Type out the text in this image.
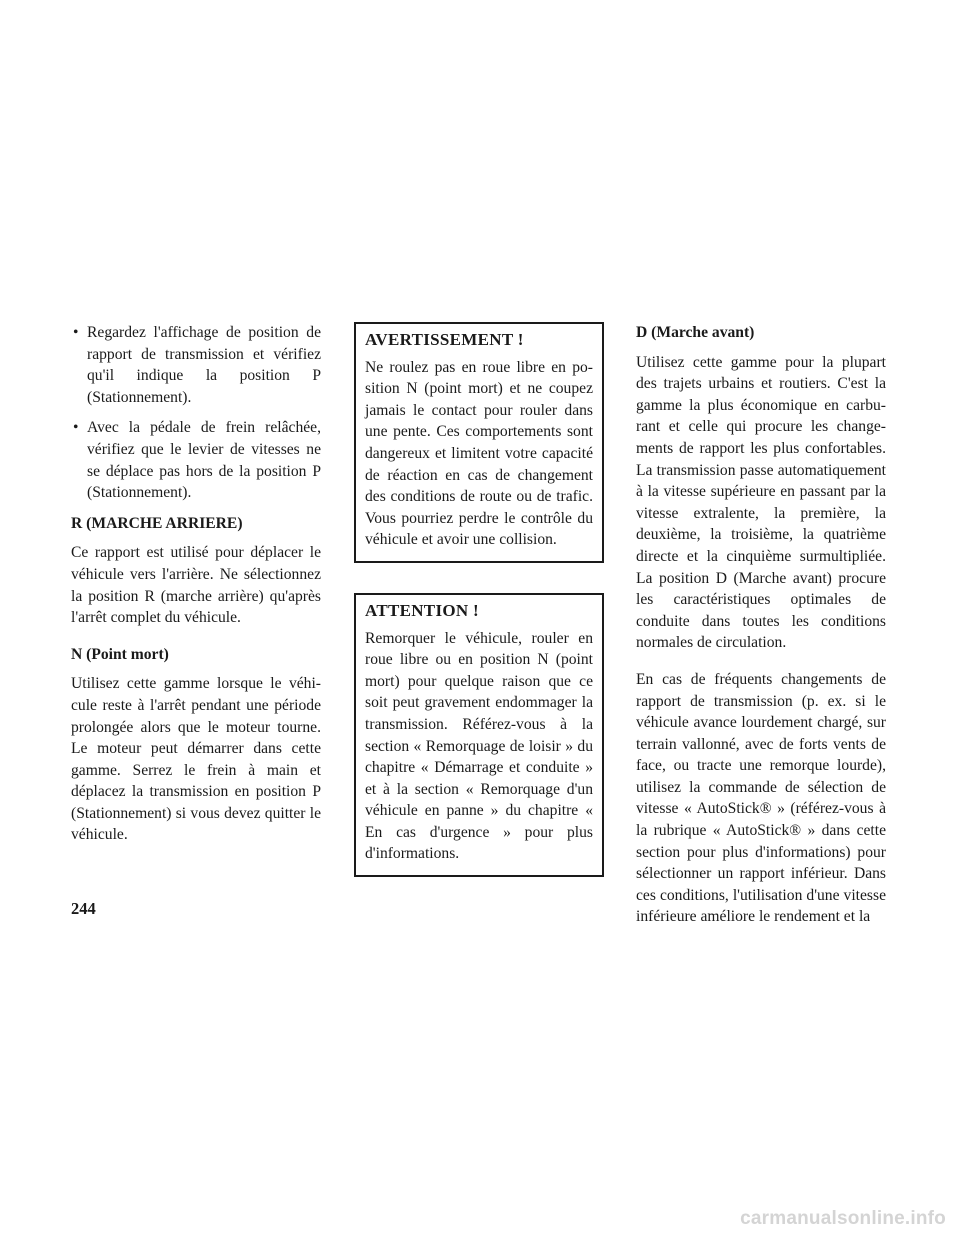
• Regardez l'affichage de position de rapport de transmission et vérifiez qu'il indique la position P (Stationnement).
• Avec la pédale de frein relâchée, vérifiez que le levier de vitesses ne se déplace pas hors de la position P (Stationnement).
R (MARCHE ARRIERE)

Ce rapport est utilisé pour déplacer le véhicule vers l'arrière. Ne sélectionnez la position R (marche arrière) qu'après l'arrêt complet du véhicule.

N (Point mort)

Utilisez cette gamme lorsque le véhicule reste à l'arrêt pendant une période prolongée alors que le moteur tourne. Le moteur peut démarrer dans cette gamme. Serrez le frein à main et déplacez la transmission en position P (Stationnement) si vous devez quitter le véhicule.

AVERTISSEMENT !

Ne roulez pas en roue libre en position N (point mort) et ne coupez jamais le contact pour rouler dans une pente. Ces comportements sont dangereux et limitent votre capacité de réaction en cas de changement des conditions de route ou de trafic. Vous pourriez perdre le contrôle du véhicule et avoir une collision.

ATTENTION !

Remorquer le véhicule, rouler en roue libre ou en position N (point mort) pour quelque raison que ce soit peut gravement endommager la transmission. Référez-vous à la section « Remorquage de loisir » du chapitre « Démarrage et conduite » et à la section « Remorquage d'un véhicule en panne » du chapitre « En cas d'urgence » pour plus d'informations.

D (Marche avant)

Utilisez cette gamme pour la plupart des trajets urbains et routiers. C'est la gamme la plus économique en carburant et celle qui procure les changements de rapport les plus confortables. La transmission passe automatiquement à la vitesse supérieure en passant par la vitesse extralente, la première, la deuxième, la troisième, la quatrième directe et la cinquième surmultipliée. La position D (Marche avant) procure les caractéristiques optimales de conduite dans toutes les conditions normales de circulation.

En cas de fréquents changements de rapport de transmission (p. ex. si le véhicule avance lourdement chargé, sur terrain vallonné, avec de forts vents de face, ou tracte une remorque lourde), utilisez la commande de sélection de vitesse « AutoStick® » (référez-vous à la rubrique « AutoStick® » dans cette section pour plus d'informations) pour sélectionner un rapport inférieur. Dans ces conditions, l'utilisation d'une vitesse inférieure améliore le rendement et la

244
carmanualsonline.info
